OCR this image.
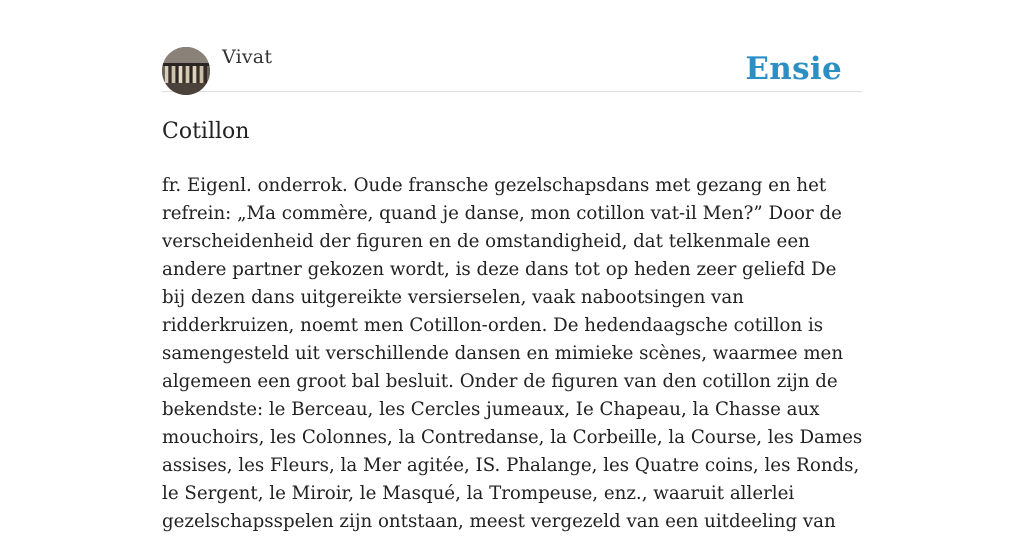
Vivat	Ensie
Cotillon

fr. Eigenl. onderrok. Oude fransche gezelschapsdans met gezang en het refrein: „Ma commère, quand je danse, mon cotillon vat-il Men?” Door de verscheidenheid der figuren en de omstandigheid, dat telkenmale een andere partner gekozen wordt, is deze dans tot op heden zeer geliefd De bij dezen dans uitgereikte versierselen, vaak nabootsingen van ridderkruizen, noemt men Cotillon-orden. De hedendaagsche cotillon is samengesteld uit verschillende dansen en mimieke scènes, waarmee men algemeen een groot bal besluit. Onder de figuren van den cotillon zijn de bekendste: le Berceau, les Cercles jumeaux, Ie Chapeau, la Chasse aux mouchoirs, les Colonnes, la Contredanse, la Corbeille, la Course, les Dames assises, les Fleurs, la Mer agitée, IS. Phalange, les Quatre coins, les Ronds, le Sergent, le Miroir, le Masqué, la Trompeuse, enz., waaruit allerlei gezelschapsspelen zijn ontstaan, meest vergezeld van een uitdeeling van
